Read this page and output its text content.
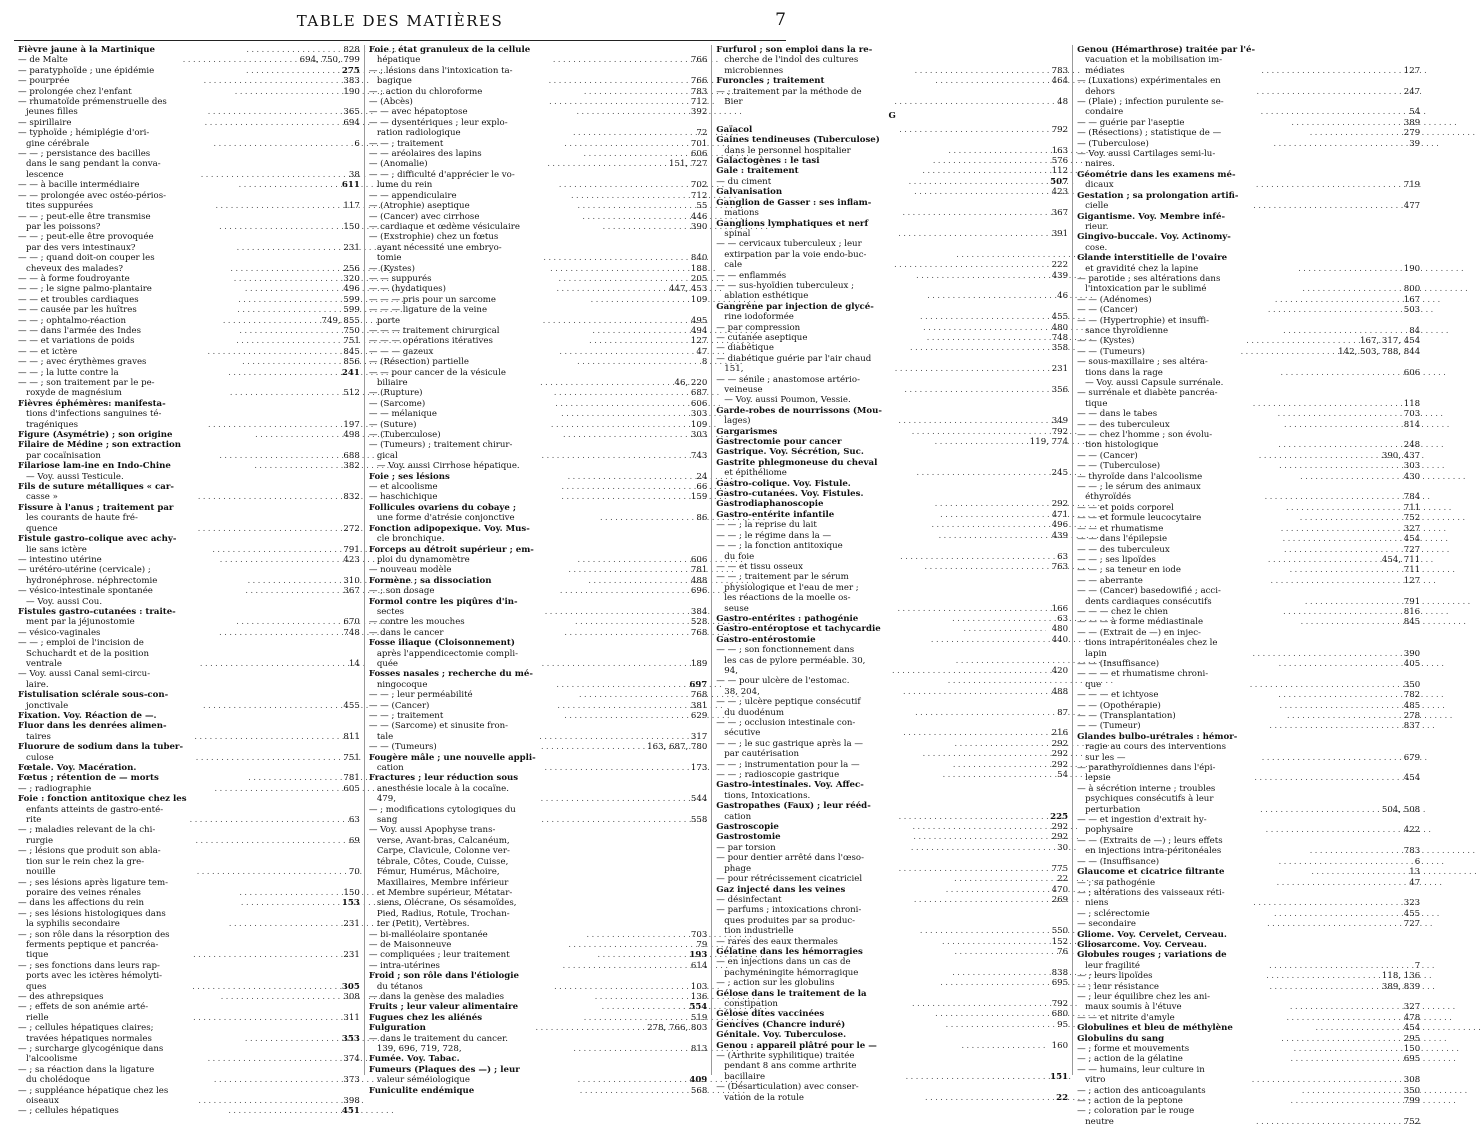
TABLE DES MATIÈRES	7
Fièvre jaune à la Martinique . . .	828
— de Malte . . .	694, 750, 799
— paratyphoïde ; une épidémie . . .	275
— pourprée . . .	383
— prolongée chez l'enfant . . .	190
— rhumatoïde prémenstruelle des
jeunes filles . . .	365
— spirillaire . . .	694
— typhoïde ; hémiplégie d'ori-
gine cérébrale . . .	6
— — ; persistance des bacilles
dans le sang pendant la conva-
lescence . . .	38
— — à bacille intermédiaire . . .	611
— — prolongée avec ostéo-périos-
tites suppurées . . .	117
— — ; peut-elle être transmise
par les poissons? . . .	150
— — ; peut-elle être provoquée
par des vers intestinaux? . . .	231
— — ; quand doit-on couper les
cheveux des malades? . . .	256
— — à forme foudroyante . . .	320
— — ; le signe palmo-plantaire . . .	496
— — et troubles cardiaques . . .	599
— — causée par les huîtres . . .	599
— — ; ophtalmo-réaction . . .	749, 855
— — dans l'armée des Indes . . .	750
— — et variations de poids . . .	751
— — et ictère . . .	845
— — ; avec érythèmes graves . . .	856
— — ; la lutte contre la . . .	241
— — ; son traitement par le pe-
roxyde de magnésium . . .	512
Fièvres éphémères: manifesta-
tions d'infections sanguines té-
tragéniques . . .	197
Figure (Asymétrie) ; son origine . . .	498
Filaire de Médine ; son extraction
par cocaïnisation . . .	688
Filariose lam-ine en Indo-Chine . . .	382
— Voy. aussi Testicule.
Fils de suture métalliques « car-
casse » . . .	832
Fissure à l'anus ; traitement par
les courants de haute fré-
quence . . .	272
Fistule gastro-colique avec achy-
lie sans ictère . . .	791
— intestino utérine . . .	423
— urétéro-utérine (cervicale) ;
hydronéphrose. néphrectomie . . .	310
— vésico-intestinale spontanée . . .	367
— Voy. aussi Cou.
Fistules gastro-cutanées : traite-
ment par la jéjunostomie . . .	670
— vésico-vaginales . . .	748
— — ; emploi de l'incision de
Schuchardt et de la position
ventrale . . .	14
— Voy. aussi Canal semi-circu-
laire.
Fistulisation sclérale sous-con-
jonctivale . . .	455
Fixation. Voy. Réaction de —.
Fluor dans les denrées alimen-
taires . . .	811
Fluorure de sodium dans la tuber-
culose . . .	751
Fœtale. Voy. Macération.
Fœtus ; rétention de — morts . . .	781
— ; radiographie . . .	605
Foie : fonction antitoxique chez les
enfants atteints de gastro-enté-
rite . . .	63
— ; maladies relevant de la chi-
rurgie . . .	69
— ; lésions que produit son abla-
tion sur le rein chez la gre-
nouille . . .	70
— ; ses lésions après ligature tem-
poraire des veines rénales . . .	150
— dans les affections du rein . . .	153
— ; ses lésions histologiques dans
la syphilis secondaire . . .	231
— ; son rôle dans la résorption des
ferments peptique et pancréa-
tique . . .	231
— ; ses fonctions dans leurs rap-
ports avec les ictères hémolyti-
ques . . .	305
— des athrepsiques . . .	308
— ; effets de son anémie arté-
rielle . . .	311
— ; cellules hépatiques claires;
travées hépatiques normales . . .	353
— ; surcharge glycogénique dans
l'alcoolisme . . .	374
— ; sa réaction dans la ligature
du cholédoque . . .	373
— ; suppléance hépatique chez les
oiseaux . . .	398
— ; cellules hépatiques . . .	451
Foie ; état granuleux de la cellule
hépatique . . .	766
— ; lésions dans l'intoxication ta-
bagique . . .	766
— ; action du chloroforme . . .	783
— (Abcès) . . .	712
— — avec hépatoptose . . .	392
— — dysentériques ; leur explo-
ration radiologique . . .	72
— — ; traitement . . .	701
— — aréolaires des lapins . . .	606
— (Anomalie) . . .	151, 727
— — ; difficulté d'apprécier le vo-
lume du rein . . .	702
— — appendiculaire . . .	712
— (Atrophie) aseptique . . .	55
— (Cancer) avec cirrhose . . .	446
— cardiaque et œdème vésiculaire . . .	390
— (Exstrophie) chez un fœtus
ayant nécessité une embryo-
tomie . . .	840
— (Kystes) . . .	188
— — suppurés . . .	205
— — (hydatiques) . . .	447, 453
— — — pris pour un sarcome . . .	109
— — — ligature de la veine
porte . . .	495
— — — traitement chirurgical . . .	494
— — — opérations itératives . . .	127
— — — gazeux . . .	47
— (Résection) partielle . . .	8
— — pour cancer de la vésicule
biliaire . . .	46, 220
— (Rupture) . . .	687
— (Sarcome) . . .	606
— — mélanique . . .	303
— (Suture) . . .	109
— (Tuberculose) . . .	303
— (Tumeurs) ; traitement chirur-
gical . . .	743
— Voy. aussi Cirrhose hépatique.
Foie ; ses lésions . . .	24
— et alcoolisme . . .	66
— haschichique . . .	159
Follicules ovariens du cobaye ;
une forme d'atrésie conjonctive . . .	86
Fonction adipopexique. Voy. Mus-
cle bronchique.
Forceps au détroit supérieur ; em-
ploi du dynamomètre . . .	606
— nouveau modèle . . .	781
Formène ; sa dissociation . . .	488
— ; son dosage . . .	696
Formol contre les piqûres d'in-
sectes . . .	384
— contre les mouches . . .	528
— dans le cancer . . .	768
Fosse iliaque (Cloisonnement)
après l'appendicectomie compli-
quée . . .	189
Fosses nasales ; recherche du mé-
ningocoque . . .	697
— — ; leur perméabilité . . .	768
— — (Cancer) . . .	381
— — ; traitement . . .	629
— — (Sarcome) et sinusite fron-
tale . . .	317
— — (Tumeurs) . . .	163, 687, 780
Fougère mâle ; une nouvelle appli-
cation . . .	173
Fractures ; leur réduction sous
anesthésie locale à la cocaïne.
479, . . .	544
— ; modifications cytologiques du
sang . . .	558
— Voy. aussi Apophyse trans-
verse, Avant-bras, Calcanéum,
Carpe, Clavicule, Colonne ver-
tébrale, Côtes, Coude, Cuisse,
Fémur, Humérus, Mâchoire,
Maxillaires, Membre inférieur
et Membre supérieur, Métatar-
siens, Olécrane, Os sésamoïdes,
Pied, Radius, Rotule, Trochan-
ter (Petit), Vertèbres.
— bi-malléolaire spontanée . . .	703
— de Maisonneuve . . .	79
— compliquées ; leur traitement . . .	193
— intra-utérines . . .	614
Froid ; son rôle dans l'étiologie
du tétanos . . .	103
— dans la genèse des maladies . . .	136
Fruits ; leur valeur alimentaire . . .	554
Fugues chez les aliénés . . .	519
Fulguration . . .	278, 766, 803
— dans le traitement du cancer.
139, 696, 719, 728, . . .	813
Fumée. Voy. Tabac.
Fumeurs (Plaques des —) ; leur
valeur séméiologique . . .	409
Funiculite endémique . . .	568
Furfurol ; son emploi dans la re-
cherche de l'indol des cultures
microbiennes . . .	783
Furoncles ; traitement . . .	464
— ; traitement par la méthode de
Bier . . .	48
G
Gaïacol . . .	792
Gaines tendineuses (Tuberculose)
dans le personnel hospitalier . . .	163
Galactogènes : le tasi . . .	576
Gale : traitement . . .	112
— du ciment . . .	507
Galvanisation . . .	423
Ganglion de Gasser : ses inflam-
mations . . .	367
Ganglions lymphatiques et nerf
spinal . . .	391
— — cervicaux tuberculeux ; leur
extirpation par la voie endo-buc-
. . .
cale . . .	222
— — enflammés . . .	439
— — sus-hyoïdien tuberculeux ;
ablation esthétique . . .	46
Gangrène par injection de glycé-
rine iodoformée . . .	455
— par compression . . .	480
— cutanée aseptique . . .	748
— diabétique . . .	358
— diabétique guérie par l'air chaud
151, . . .	231
— — sénile ; anastomose artério-
veineuse . . .	356
— Voy. aussi Poumon, Vessie.
Garde-robes de nourrissons (Mou-
lages) . . .	349
Gargarismes . . .	792
Gastrectomie pour cancer . . .	119, 774
Gastrique. Voy. Sécrétion, Suc.
Gastrite phlegmoneuse du cheval
et épithéliome . . .	245
Gastro-colique. Voy. Fistule.
Gastro-cutanées. Voy. Fistules.
Gastrodiaphanoscopie . . .	292
Gastro-entérite infantile . . .	471
— — ; la reprise du lait . . .	496
— — ; le régime dans la — . . .	439
— — ; la fonction antitoxique
du foie . . .	63
— — et tissu osseux . . .	763
— — ; traitement par le sérum
physiologique et l'eau de mer ;
les réactions de la moelle os-
seuse . . .	166
Gastro-entérites : pathogénie . . .	63
Gastro-entéroptose et tachycardie . . .	480
Gastro-entérostomie . . .	440
— — ; son fonctionnement dans
les cas de pylore perméable. 30,
. . .
94, . . .	420
— — pour ulcère de l'estomac.
. . .
38, 204, . . .	488
— — ; ulcère peptique consécutif
du duodénum . . .	87
— — ; occlusion intestinale con-
sécutive . . .	216
— — ; le suc gastrique après la — . . .	292
par cautérisation . . .	292
— — ; instrumentation pour la — . . .	292
— — ; radioscopie gastrique . . .	54
Gastro-intestinales. Voy. Affec-
tions, Intoxications.
Gastropathes (Faux) ; leur rééd-
cation . . .	225
Gastroscopie . . .	292
Gastrostomie . . .	292
— par torsion . . .	30
— pour dentier arrêté dans l'œso-
phage . . .	775
— pour rétrécissement cicatriciel . . .	22
Gaz injecté dans les veines . . .	470
— désinfectant . . .	269
— parfums ; intoxications chroni-
ques produites par sa produc-
tion industrielle . . .	550
— rares des eaux thermales . . .	152
Gélatine dans les hémorragies . . .	76
— en injections dans un cas de
pachyméningite hémorragique . . .	838
— ; action sur les globulins . . .	695
Gélose dans le traitement de la
constipation . . .	792
Gélose dites vaccinées . . .	680
Gencives (Chancre induré) . . .	95
Génitale. Voy. Tuberculose.
Genou : appareil plâtré pour le — . . .	160
— (Arthrite syphilitique) traitée
pendant 8 ans comme arthrite
bacillaire . . .	151
— (Désarticulation) avec conser-
vation de la rotule . . .	22
Genou (Hémarthrose) traitée par l'é-
vacuation et la mobilisation im-
médiates . . .	127
— (Luxations) expérimentales en
dehors . . .	247
— (Plaie) ; infection purulente se-
condaire . . .	54
— — guérie par l'aseptie . . .	389
— (Résections) ; statistique de — . . .	279
— (Tuberculose) . . .	39
— Voy. aussi Cartilages semi-lu-
naires.
Géométrie dans les examens mé-
dicaux . . .	719
Gestation ; sa prolongation artifi-
cielle . . .	477
Gigantisme. Voy. Membre infé-
rieur.
Gingivo-buccale. Voy. Actinomy-
cose.
Glande interstitielle de l'ovaire
et gravidité chez la lapine . . .	190
— parotide ; ses altérations dans
l'intoxication par le sublimé . . .	800
— — (Adénomes) . . .	167
— — (Cancer) . . .	503
— — (Hypertrophie) et insuffi-
sance thyroïdienne . . .	84
— — (Kystes) . . .	167, 317, 454
— — (Tumeurs) . . .	142, 503, 788, 844
— sous-maxillaire ; ses altéra-
tions dans la rage . . .	606
— Voy. aussi Capsule surrénale.
— surrénale et diabète pancréa-
tique . . .	118
— — dans le tabes . . .	703
— — des tuberculeux . . .	814
— — chez l'homme ; son évolu-
tion histologique . . .	248
— — (Cancer) . . .	390, 437
— — (Tuberculose) . . .	303
— thyroïde dans l'alcoolisme . . .	430
— — ; le sérum des animaux
éthyroïdés . . .	784
— — et poids corporel . . .	711
— — et formule leucocytaire . . .	752
— — et rhumatisme . . .	327
— — dans l'épilepsie . . .	454
— — des tuberculeux . . .	727
— — ; ses lipoïdes . . .	454, 711
— — ; sa teneur en iode . . .	711
— — aberrante . . .	127
— — (Cancer) basedowifié ; acci-
dents cardiaques consécutifs . . .	791
— — — chez le chien . . .	816
— — — à forme médiastinale . . .	845
— — (Extrait de —) en injec-
tions intrapéritonéales chez le
lapin . . .	390
— — (Insuffisance) . . .	405
— — — et rhumatisme chroni-
que . . .	350
— — — et ichtyose . . .	782
— — (Opothérapie) . . .	485
— — (Transplantation) . . .	278
— — (Tumeur) . . .	837
Glandes bulbo-urétrales : hémor-
ragie au cours des interventions
sur les — . . .	679
— parathyroïdiennes dans l'épi-
lepsie . . .	454
— à sécrétion interne ; troubles
psychiques consécutifs à leur
perturbation . . .	504, 508
— — et ingestion d'extrait hy-
pophysaire . . .	422
— — (Extraits de —) ; leurs effets
en injections intra-péritonéales . . .	783
— — (Insuffisance) . . .	6
Glaucome et cicatrice filtrante . . .	13
— ; sa pathogénie . . .	47
— ; altérations des vaisseaux réti-
niens . . .	323
— ; sclérectomie . . .	455
— secondaire . . .	727
Gliome. Voy. Cervelet, Cerveau.
Gliosarcome. Voy. Cerveau.
Globules rouges ; variations de
leur fragilité . . .	7
— ; leurs lipoïdes . . .	118, 136
— ; leur résistance . . .	389, 839
— ; leur équilibre chez les ani-
maux soumis à l'étuve . . .	327
— — et nitrite d'amyle . . .	478
Globulines et bleu de méthylène . . .	454
Globulins du sang . . .	295
— ; forme et mouvements . . .	150
— ; action de la gélatine . . .	695
— — humains, leur culture in
vitro . . .	308
— ; action des anticoagulants . . .	350
— ; action de la peptone . . .	799
— ; coloration par le rouge
neutre . . .	752
